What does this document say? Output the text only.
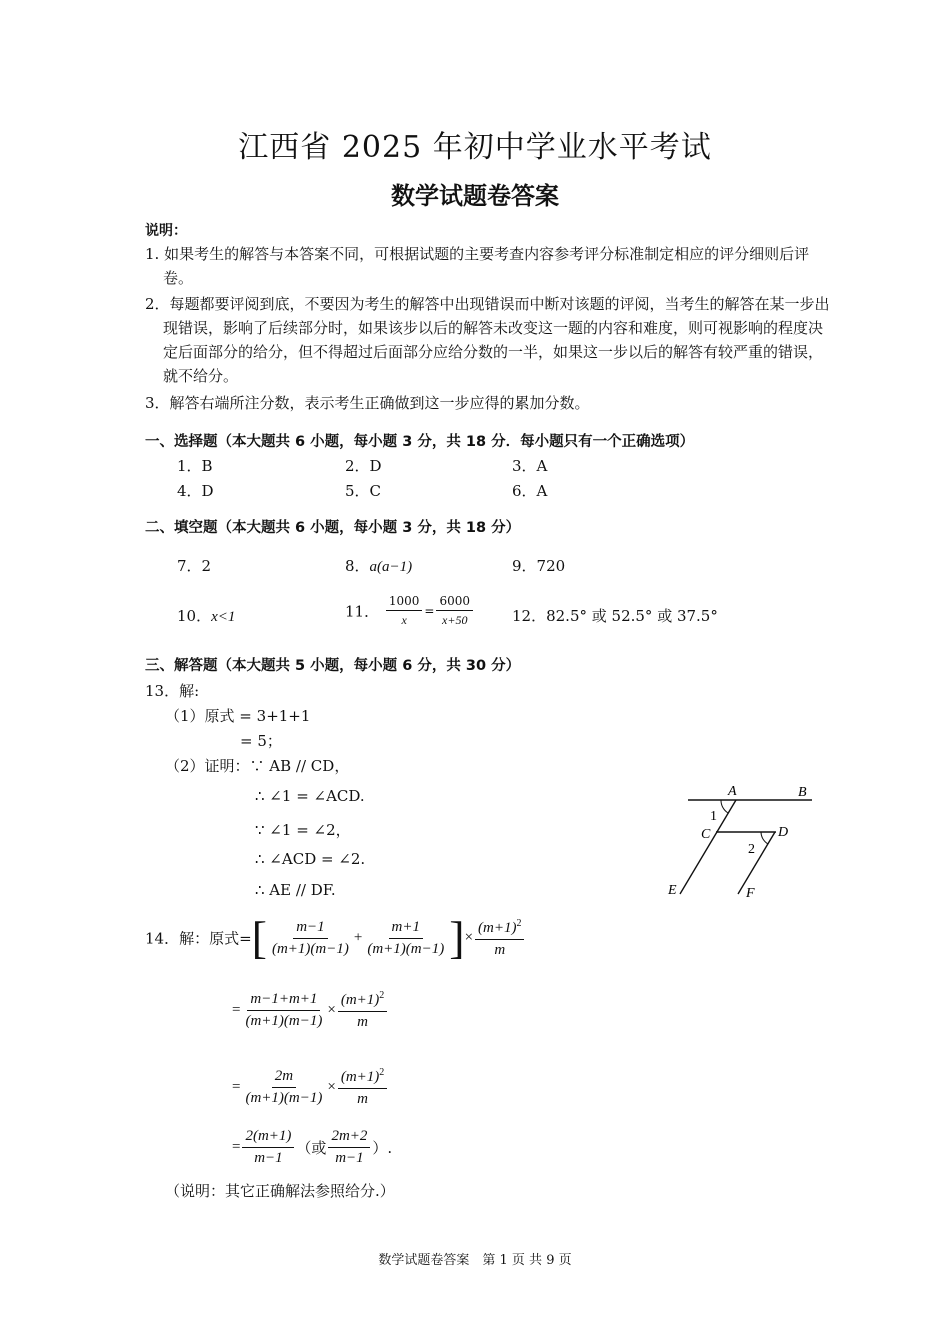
江西省 2025 年初中学业水平考试
数学试题卷答案
说明：
1. 如果考生的解答与本答案不同，可根据试题的主要考查内容参考评分标准制定相应的评分细则后评卷。
2．每题都要评阅到底，不要因为考生的解答中出现错误而中断对该题的评阅，当考生的解答在某一步出现错误，影响了后续部分时，如果该步以后的解答未改变这一题的内容和难度，则可视影响的程度决定后面部分的给分，但不得超过后面部分应给分数的一半，如果这一步以后的解答有较严重的错误，就不给分。
3．解答右端所注分数，表示考生正确做到这一步应得的累加分数。
一、选择题（本大题共 6 小题，每小题 3 分，共 18 分．每小题只有一个正确选项）
1．B	2．D	3．A
4．D	5．C	6．A
二、填空题（本大题共 6 小题，每小题 3 分，共 18 分）
7．2	8．a(a−1)	9．720
10．x<1	11． $\frac{1000}{x} = \frac{6000}{x+50}$	12．82.5° 或 52.5° 或 37.5°
三、解答题（本大题共 5 小题，每小题 6 分，共 30 分）
13．解:
（1）原式 = 3+1+1
= 5；
（2）证明：∵ AB // CD，
∴ ∠1 = ∠ACD.
∵ ∠1 = ∠2，
∴ ∠ACD = ∠2.
∴ AE // DF.
A	B
C	D
E	F
1
2
14．解：原式=[ $\frac{m-1}{(m+1)(m-1)} + \frac{m+1}{(m+1)(m-1)}$ ]× $\frac{(m+1)^2}{m}$
= $\frac{m-1+m+1}{(m+1)(m-1)} \times \frac{(m+1)^2}{m}$
= $\frac{2m}{(m+1)(m-1)} \times \frac{(m+1)^2}{m}$
= $\frac{2(m+1)}{m-1}$ （或 $\frac{2m+2}{m-1}$ ）.
（说明：其它正确解法参照给分.）
数学试题卷答案　第 1 页 共 9 页
